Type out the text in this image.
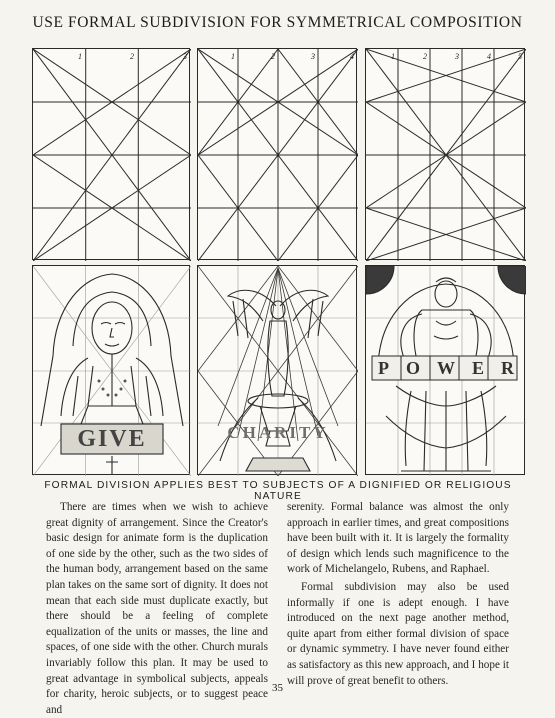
USE FORMAL SUBDIVISION FOR SYMMETRICAL COMPOSITION
1	2	3	1	2	3	4	1	2	3	4	5
GIVE	CHARITY
POWER
FORMAL DIVISION APPLIES BEST TO SUBJECTS OF A DIGNIFIED OR RELIGIOUS NATURE

There are times when we wish to achieve great dignity of arrangement. Since the Creator's basic design for animate form is the duplication of one side by the other, such as the two sides of the human body, arrangement based on the same plan takes on the same sort of dignity. It does not mean that each side must duplicate exactly, but there should be a feeling of complete equalization of the units or masses, the line and spaces, of one side with the other. Church murals invariably follow this plan. It may be used to great advantage in symbolical subjects, appeals for charity, heroic subjects, or to suggest peace and

serenity. Formal balance was almost the only approach in earlier times, and great compositions have been built with it. It is largely the formality of design which lends such magnificence to the work of Michelangelo, Rubens, and Raphael.

Formal subdivision may also be used informally if one is adept enough. I have introduced on the next page another method, quite apart from either formal division of space or dynamic symmetry. I have never found either as satisfactory as this new approach, and I hope it will prove of great benefit to others.

35
